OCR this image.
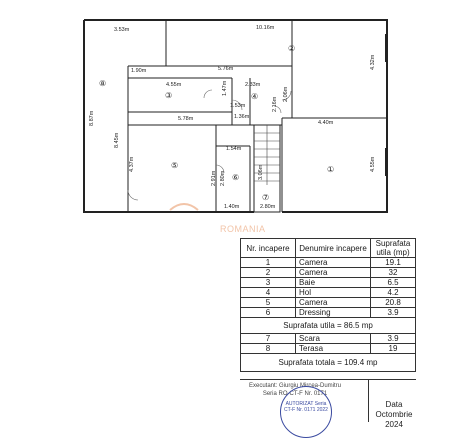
3.53m	10.16m
1.90m
4.55m
5.76m
2.33m
4.32m
1.47m
1.53m
2.06m
1.36m
2.16m
5.78m
4.40m
8.87m
8.45m
1.54m
4.37m
2.91m 2.80m
4.55m
1.40m	2.80m
3.06m	①
②
③	④
⑤
⑥
⑦
⑧
ROMANIA
Nr. incapere	Denumire incapere	Suprafata utila (mp)
1	Camera	19.1
2	Camera	32
3	Baie	6.5
4	Hol	4.2
5	Camera	20.8
6	Dressing	3.9
Suprafata utila = 86.5 mp		
7	Scara	3.9
8	Terasa	19
Suprafata totala = 109.4 mp		
Executant: Giurgiu Mircea-Dumitru
Seria RO-CT-F Nr. 0171
AUTORIZAT Seria CT-F Nr. 0171 2022
Data
Octombrie 2024
